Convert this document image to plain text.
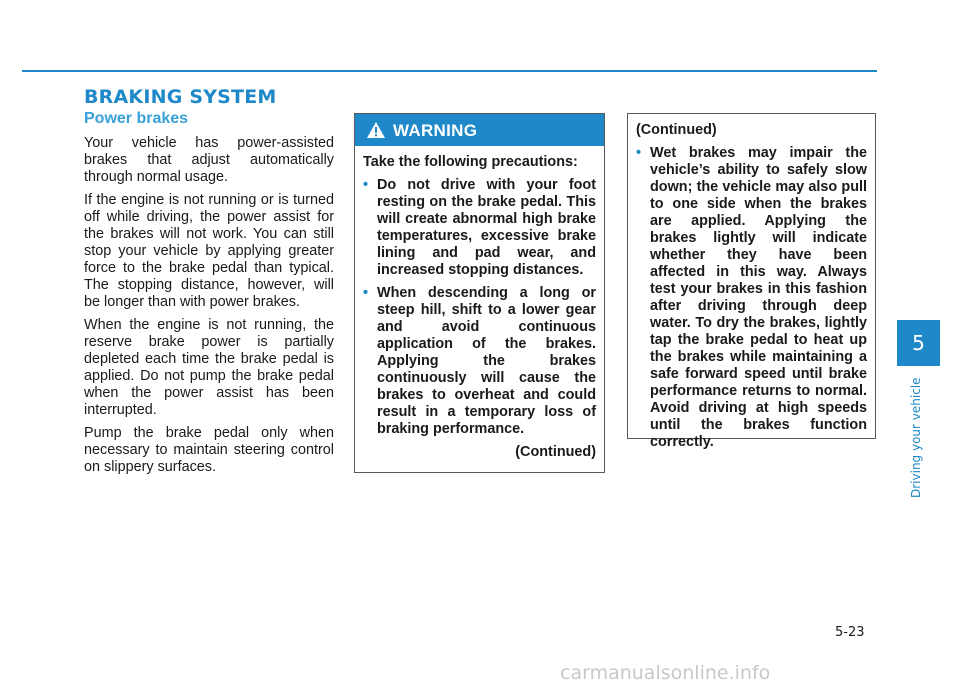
BRAKING SYSTEM
Power brakes

Your vehicle has power-assisted brakes that adjust automatically through normal usage.

If the engine is not running or is turned off while driving, the power assist for the brakes will not work. You can still stop your vehicle by applying greater force to the brake pedal than typical. The stopping distance, however, will be longer than with power brakes.

When the engine is not running, the reserve brake power is partially depleted each time the brake pedal is applied. Do not pump the brake pedal when the power assist has been interrupted.

Pump the brake pedal only when necessary to maintain steering control on slippery surfaces.

WARNING

Take the following precautions:

• Do not drive with your foot resting on the brake pedal. This will create abnormal high brake temperatures, excessive brake lining and pad wear, and increased stopping distances.
• When descending a long or steep hill, shift to a lower gear and avoid continuous application of the brakes. Applying the brakes continuously will cause the brakes to overheat and could result in a temporary loss of braking performance.
(Continued)

(Continued)

• Wet brakes may impair the vehicle’s ability to safely slow down; the vehicle may also pull to one side when the brakes are applied. Applying the brakes lightly will indicate whether they have been affected in this way. Always test your brakes in this fashion after driving through deep water. To dry the brakes, lightly tap the brake pedal to heat up the brakes while maintaining a safe forward speed until brake performance returns to normal. Avoid driving at high speeds until the brakes function correctly.
5
Driving your vehicle
5-23
carmanualsonline.info
